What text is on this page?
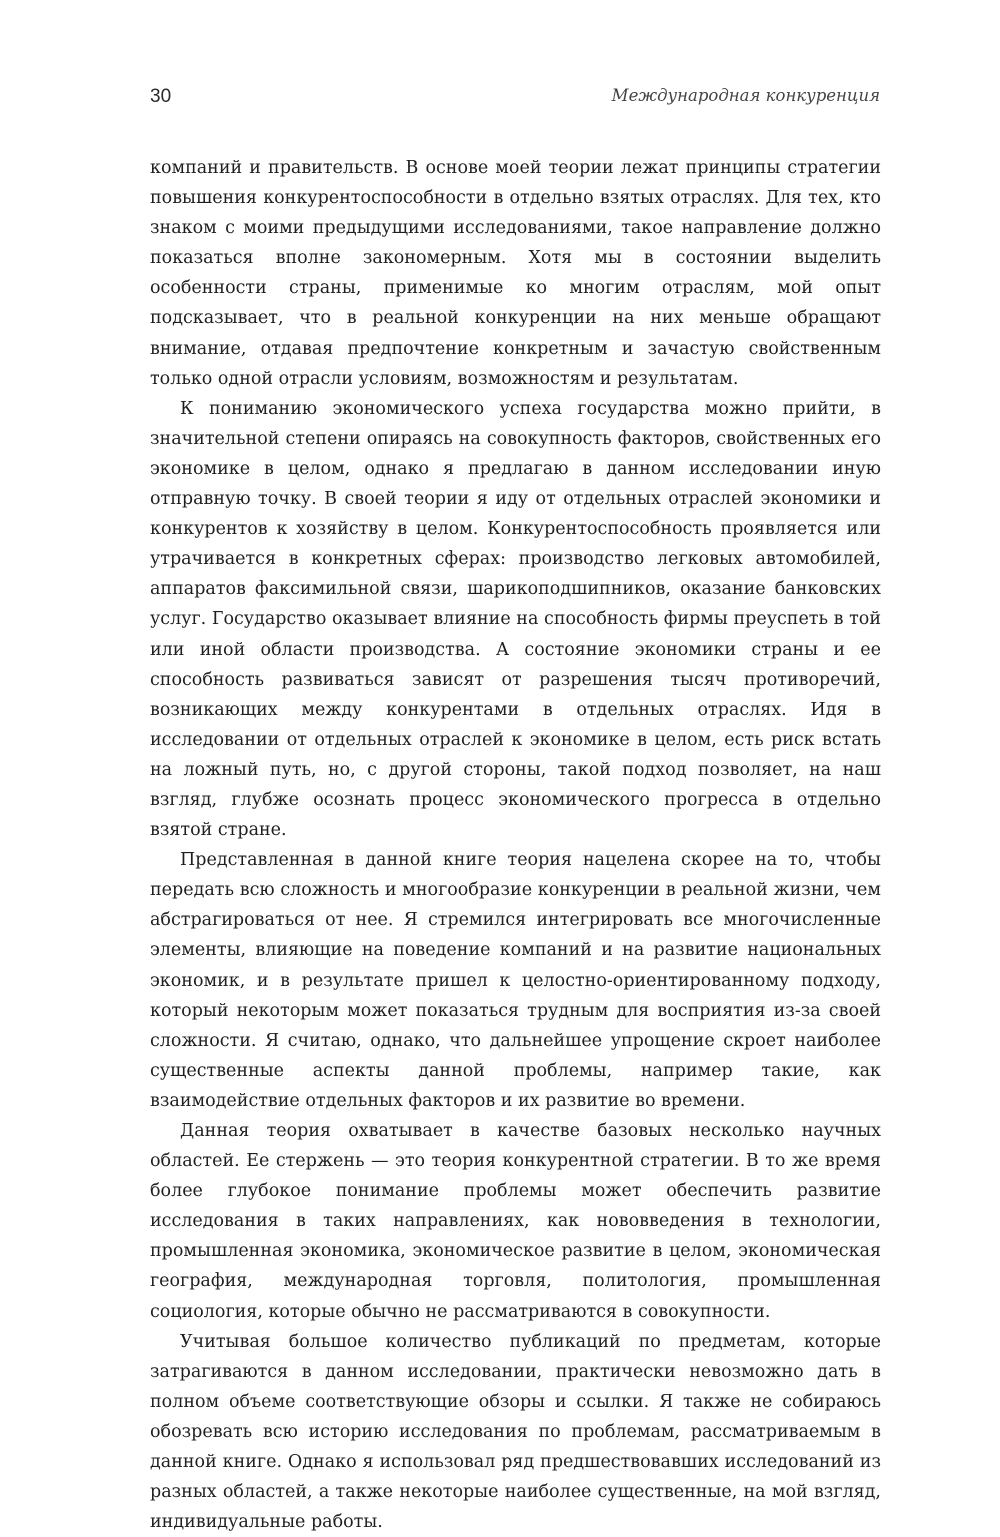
30	Международная конкуренция

компаний и правительств. В основе моей теории лежат принципы стратегии повышения конкурентоспособности в отдельно взятых отраслях. Для тех, кто знаком с моими предыдущими исследованиями, такое направление должно показаться вполне закономерным. Хотя мы в состоянии выделить особенности страны, применимые ко многим отраслям, мой опыт подсказывает, что в реальной конкуренции на них меньше обращают внимание, отдавая предпочтение конкретным и зачастую свойственным только одной отрасли условиям, возможностям и результатам.

К пониманию экономического успеха государства можно прийти, в значительной степени опираясь на совокупность факторов, свойственных его экономике в целом, однако я предлагаю в данном исследовании иную отправную точку. В своей теории я иду от отдельных отраслей экономики и конкурентов к хозяйству в целом. Конкурентоспособность проявляется или утрачивается в конкретных сферах: производство легковых автомобилей, аппаратов факсимильной связи, шарикоподшипников, оказание банковских услуг. Государство оказывает влияние на способность фирмы преуспеть в той или иной области производства. А состояние экономики страны и ее способность развиваться зависят от разрешения тысяч противоречий, возникающих между конкурентами в отдельных отраслях. Идя в исследовании от отдельных отраслей к экономике в целом, есть риск встать на ложный путь, но, с другой стороны, такой подход позволяет, на наш взгляд, глубже осознать процесс экономического прогресса в отдельно взятой стране.

Представленная в данной книге теория нацелена скорее на то, чтобы передать всю сложность и многообразие конкуренции в реальной жизни, чем абстрагироваться от нее. Я стремился интегрировать все многочисленные элементы, влияющие на поведение компаний и на развитие национальных экономик, и в результате пришел к целостно-ориентированному подходу, который некоторым может показаться трудным для восприятия из-за своей сложности. Я считаю, однако, что дальнейшее упрощение скроет наиболее существенные аспекты данной проблемы, например такие, как взаимодействие отдельных факторов и их развитие во времени.

Данная теория охватывает в качестве базовых несколько научных областей. Ее стержень — это теория конкурентной стратегии. В то же время более глубокое понимание проблемы может обеспечить развитие исследования в таких направлениях, как нововведения в технологии, промышленная экономика, экономическое развитие в целом, экономическая география, международная торговля, политология, промышленная социология, которые обычно не рассматриваются в совокупности.

Учитывая большое количество публикаций по предметам, которые затрагиваются в данном исследовании, практически невозможно дать в полном объеме соответствующие обзоры и ссылки. Я также не собираюсь обозревать всю историю исследования по проблемам, рассматриваемым в данной книге. Однако я использовал ряд предшествовавших исследований из разных областей, а также некоторые наиболее существенные, на мой взгляд, индивидуальные работы.
